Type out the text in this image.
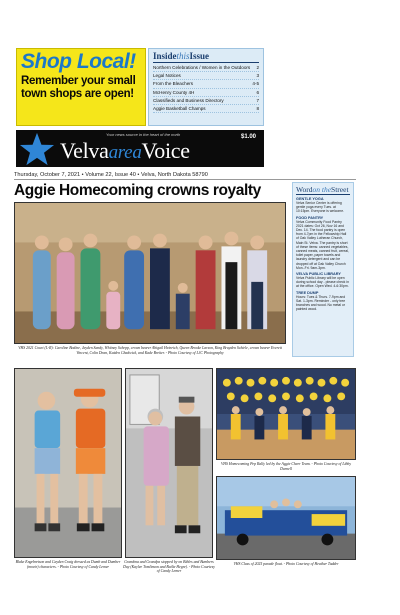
Shop Local!
Remember your small town shops are open!
InsidethisIssue
Northern Celebrations / Women in the Outdoors 2
Legal Notices	3
From the Bleachers	4-5
McHenry County 4H	6
Classifieds and Business Directory	7
Aggie Basketball Champs	8
Your news source in the heart of the north	$1.00
VelvaareaVoice
Thursday, October 7, 2021 • Volume 22, Issue 40 • Velva, North Dakota 58790
Aggie Homecoming crowns royalty
VHS 2021 Court (L-R): Caroline Bodine, Jayden Sandy, Whitney Schepp, crown bearer Abigail Heinrich, Queen Brooke Larson, King Brayden Schiele, crown bearer Everett Vincent, Colin Dean, Kaiden Chadwick, and Kade Breiter. - Photo Courtesy of LJC Photography
Wordon theStreet
GENTLE YOGA
Velva Senior Center is offering gentle yoga every Tues. at 10:15pm. Everyone is welcome.
FOOD PANTRY
Velva Community Food Pantry 2021 dates: Oct 26, Nov 16 and Dec. 14. The food pantry is open from 4-7pm in the Fellowship Hall of Oak Valley Lutheran Church, Main St. Velva. The pantry is short of these items: canned vegetables, canned meats, canned fruit, cereal, toilet paper, paper towels and laundry detergent and can be dropped off at Oak Valley Church Mon.-Fri. 9am-3pm.
VELVA PUBLIC LIBRARY
Velva Public Library will be open during school day - please check in at the office. Open Wed. 4-6:30pm.
TREE DUMP
Hours: Tues & Thurs. 7-9pm and Sat. 1-3pm. Reminder - only tree branches and wood. No metal or painted wood.
Blake Engebretson and Cayden Craig dressed as Dumb and Dumber (movie) characters. - Photo Courtesy of Candy Lemer
Grandma and Grandpa stopped by on Bibles and Bumbers Day (Kaylee Tomlinson and Bailie Hegre). - Photo Courtesy of Candy Lemer
VHS Homecoming Pep Rally led by the Aggie Cheer Team. - Photo Courtesy of Libby Darnell
VHS Class of 2025 parade float. - Photo Courtesy of Heather Tadder
